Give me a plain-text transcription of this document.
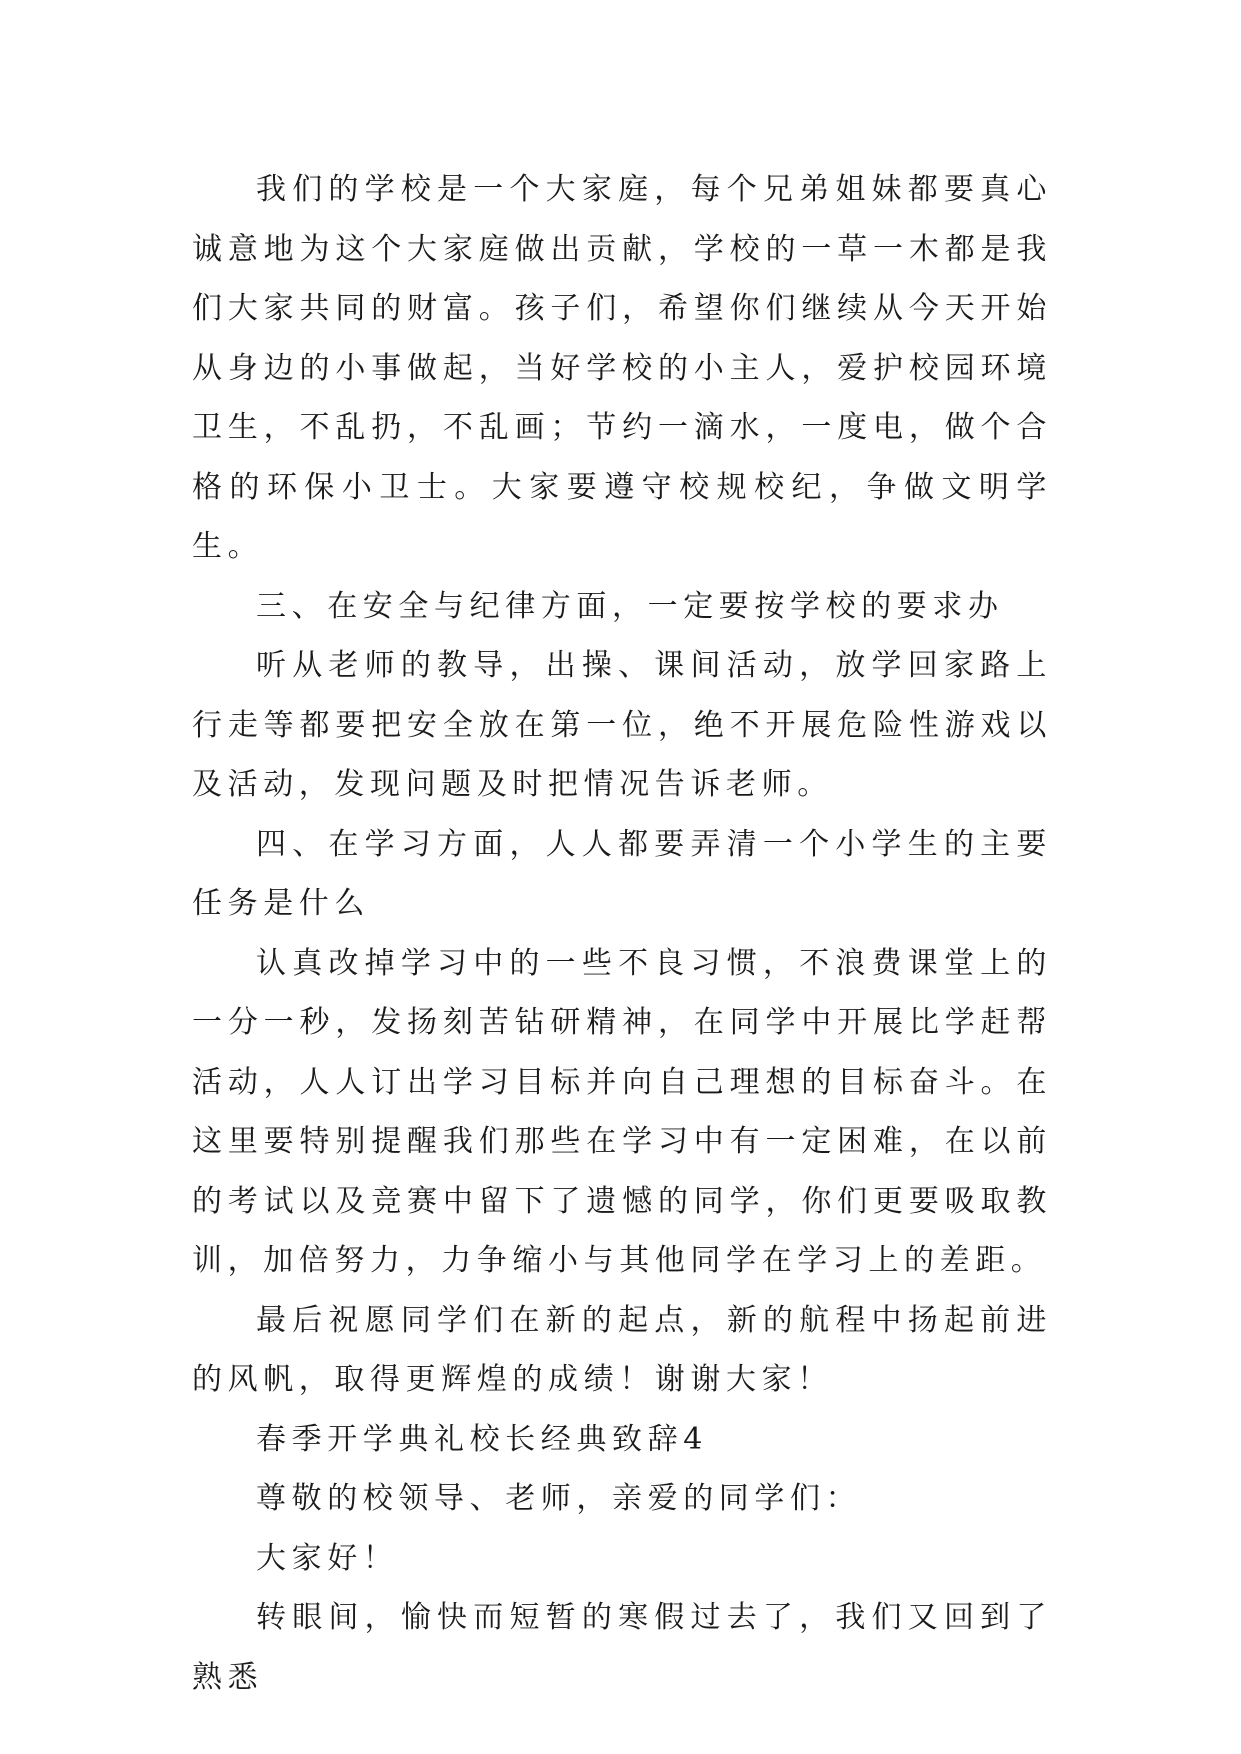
我们的学校是一个大家庭，每个兄弟姐妹都要真心诚意地为这个大家庭做出贡献，学校的一草一木都是我们大家共同的财富。孩子们，希望你们继续从今天开始从身边的小事做起，当好学校的小主人，爱护校园环境卫生，不乱扔，不乱画；节约一滴水，一度电，做个合格的环保小卫士。大家要遵守校规校纪，争做文明学生。

三、在安全与纪律方面，一定要按学校的要求办

听从老师的教导，出操、课间活动，放学回家路上行走等都要把安全放在第一位，绝不开展危险性游戏以及活动，发现问题及时把情况告诉老师。

四、在学习方面，人人都要弄清一个小学生的主要任务是什么

认真改掉学习中的一些不良习惯，不浪费课堂上的一分一秒，发扬刻苦钻研精神，在同学中开展比学赶帮活动，人人订出学习目标并向自己理想的目标奋斗。在这里要特别提醒我们那些在学习中有一定困难，在以前的考试以及竞赛中留下了遗憾的同学，你们更要吸取教训，加倍努力，力争缩小与其他同学在学习上的差距。

最后祝愿同学们在新的起点，新的航程中扬起前进的风帆，取得更辉煌的成绩！谢谢大家！

春季开学典礼校长经典致辞4

尊敬的校领导、老师，亲爱的同学们：

大家好！

转眼间，愉快而短暂的寒假过去了，我们又回到了熟悉
